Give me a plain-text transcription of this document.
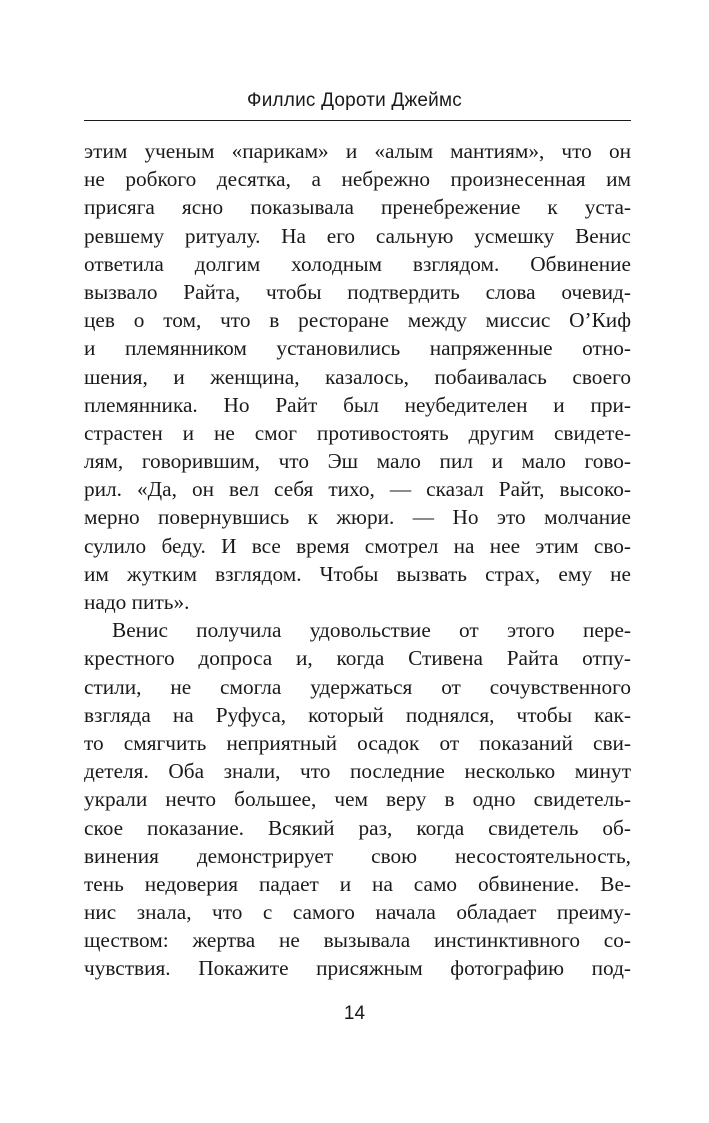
Филлис Дороти Джеймс
этим ученым «парикам» и «алым мантиям», что он
не робкого десятка, а небрежно произнесенная им
присяга ясно показывала пренебрежение к уста-
ревшему ритуалу. На его сальную усмешку Венис
ответила долгим холодным взглядом. Обвинение
вызвало Райта, чтобы подтвердить слова очевид-
цев о том, что в ресторане между миссис О’Киф
и племянником установились напряженные отно-
шения, и женщина, казалось, побаивалась своего
племянника. Но Райт был неубедителен и при-
страстен и не смог противостоять другим свидете-
лям, говорившим, что Эш мало пил и мало гово-
рил. «Да, он вел себя тихо, — сказал Райт, высоко-
мерно повернувшись к жюри. — Но это молчание
сулило беду. И все время смотрел на нее этим сво-
им жутким взглядом. Чтобы вызвать страх, ему не
надо пить».
Венис получила удовольствие от этого пере-
крестного допроса и, когда Стивена Райта отпу-
стили, не смогла удержаться от сочувственного
взгляда на Руфуса, который поднялся, чтобы как-
то смягчить неприятный осадок от показаний сви-
детеля. Оба знали, что последние несколько минут
украли нечто большее, чем веру в одно свидетель-
ское показание. Всякий раз, когда свидетель об-
винения демонстрирует свою несостоятельность,
тень недоверия падает и на само обвинение. Ве-
нис знала, что с самого начала обладает преиму-
ществом: жертва не вызывала инстинктивного со-
чувствия. Покажите присяжным фотографию под-
14
